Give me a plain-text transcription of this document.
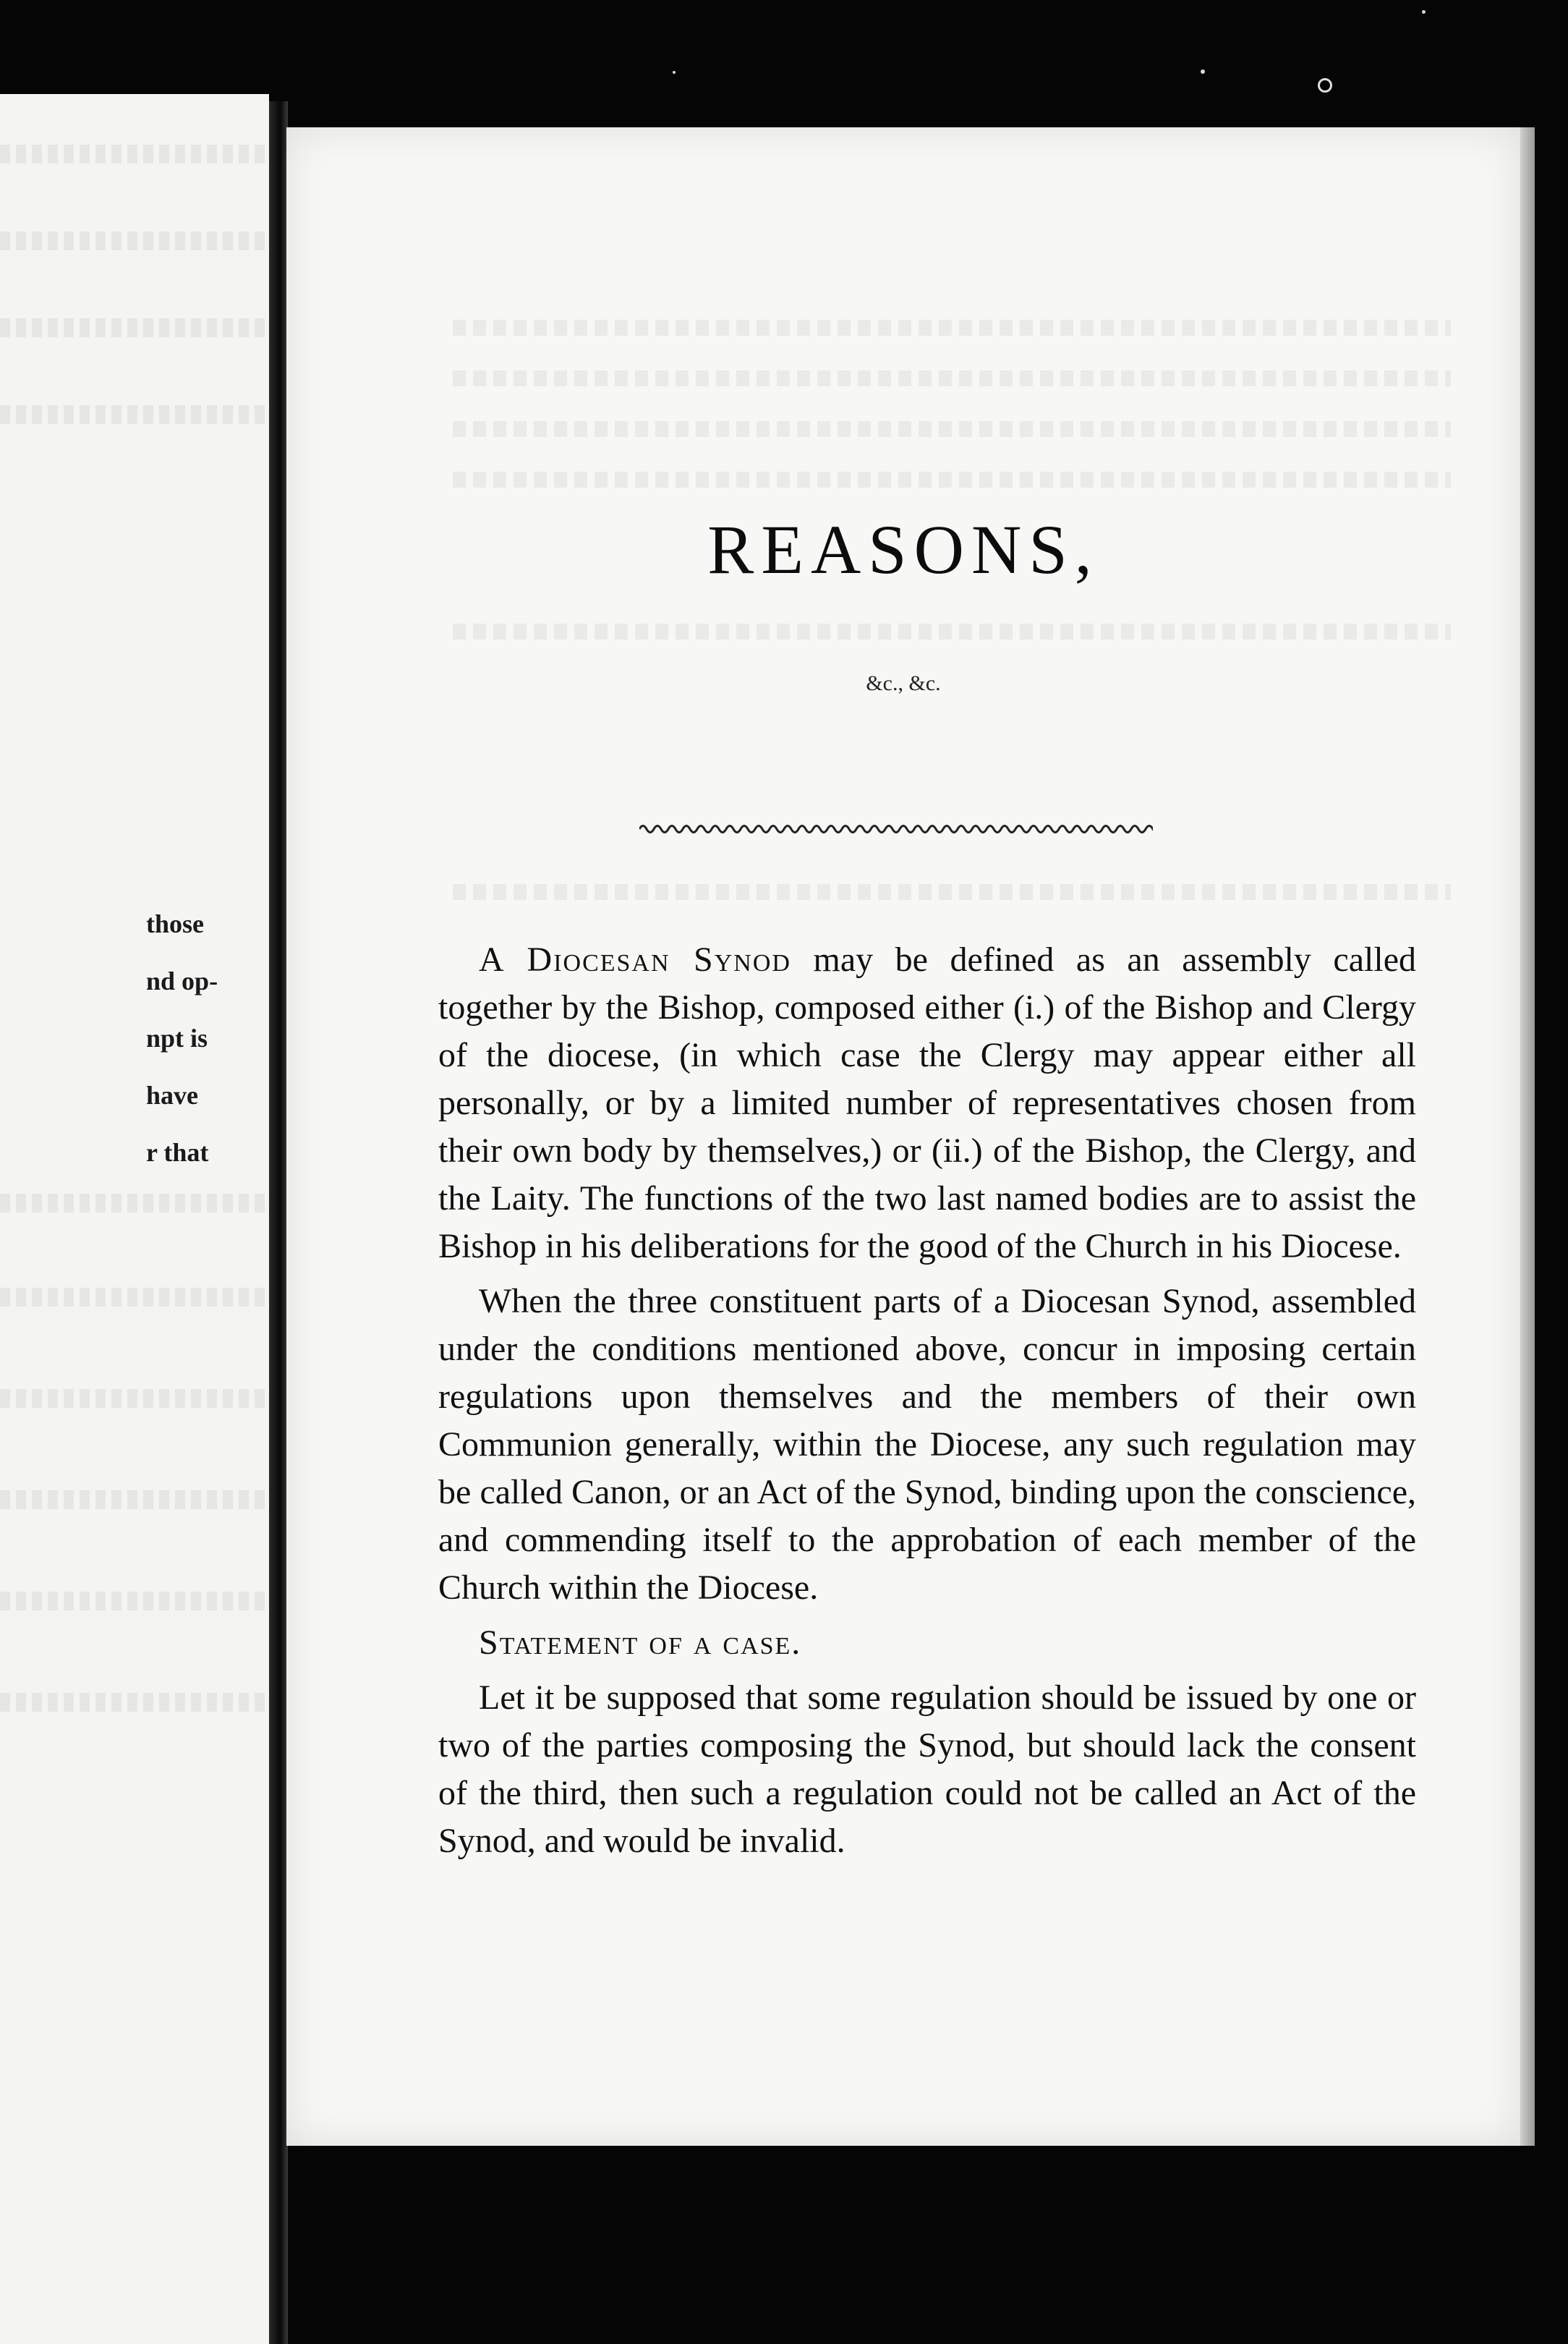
those
nd op-
npt is
have
r that
REASONS,

&c., &c.

A Diocesan Synod may be defined as an assembly called together by the Bishop, composed either (i.) of the Bishop and Clergy of the diocese, (in which case the Clergy may appear either all personally, or by a limited number of representatives chosen from their own body by themselves,) or (ii.) of the Bishop, the Clergy, and the Laity. The functions of the two last named bodies are to assist the Bishop in his deliberations for the good of the Church in his Diocese.

When the three constituent parts of a Diocesan Synod, assembled under the conditions mentioned above, concur in imposing certain regulations upon themselves and the members of their own Communion generally, within the Diocese, any such regulation may be called Canon, or an Act of the Synod, binding upon the conscience, and commending itself to the approbation of each member of the Church within the Diocese.

Statement of a case.

Let it be supposed that some regulation should be issued by one or two of the parties composing the Synod, but should lack the consent of the third, then such a regulation could not be called an Act of the Synod, and would be invalid.
